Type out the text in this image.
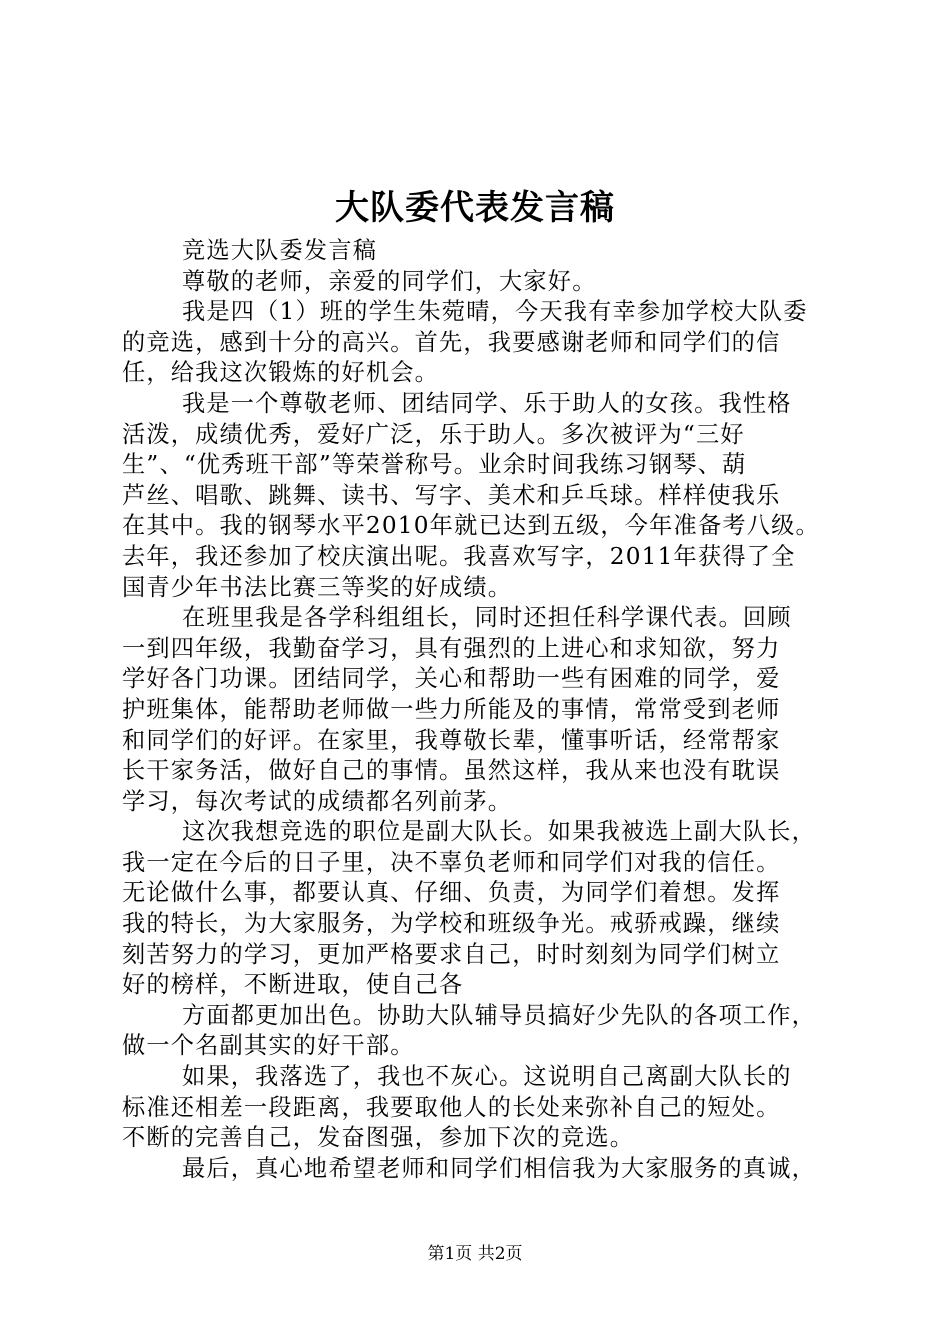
大队委代表发言稿
竞选大队委发言稿
尊敬的老师，亲爱的同学们，大家好。
我是四（1）班的学生朱菀晴，今天我有幸参加学校大队委
的竞选，感到十分的高兴。首先，我要感谢老师和同学们的信
任，给我这次锻炼的好机会。
我是一个尊敬老师、团结同学、乐于助人的女孩。我性格
活泼，成绩优秀，爱好广泛，乐于助人。多次被评为“三好
生”、“优秀班干部”等荣誉称号。业余时间我练习钢琴、葫
芦丝、唱歌、跳舞、读书、写字、美术和乒乓球。样样使我乐
在其中。我的钢琴水平2010年就已达到五级，今年准备考八级。
去年，我还参加了校庆演出呢。我喜欢写字，2011年获得了全
国青少年书法比赛三等奖的好成绩。
在班里我是各学科组组长，同时还担任科学课代表。回顾
一到四年级，我勤奋学习，具有强烈的上进心和求知欲，努力
学好各门功课。团结同学，关心和帮助一些有困难的同学，爱
护班集体，能帮助老师做一些力所能及的事情，常常受到老师
和同学们的好评。在家里，我尊敬长辈，懂事听话，经常帮家
长干家务活，做好自己的事情。虽然这样，我从来也没有耽误
学习，每次考试的成绩都名列前茅。
这次我想竞选的职位是副大队长。如果我被选上副大队长，
我一定在今后的日子里，决不辜负老师和同学们对我的信任。
无论做什么事，都要认真、仔细、负责，为同学们着想。发挥
我的特长，为大家服务，为学校和班级争光。戒骄戒躁，继续
刻苦努力的学习，更加严格要求自己，时时刻刻为同学们树立
好的榜样，不断进取，使自己各
方面都更加出色。协助大队辅导员搞好少先队的各项工作，
做一个名副其实的好干部。
如果，我落选了，我也不灰心。这说明自己离副大队长的
标准还相差一段距离，我要取他人的长处来弥补自己的短处。
不断的完善自己，发奋图强，参加下次的竞选。
最后，真心地希望老师和同学们相信我为大家服务的真诚，
第1页 共2页
